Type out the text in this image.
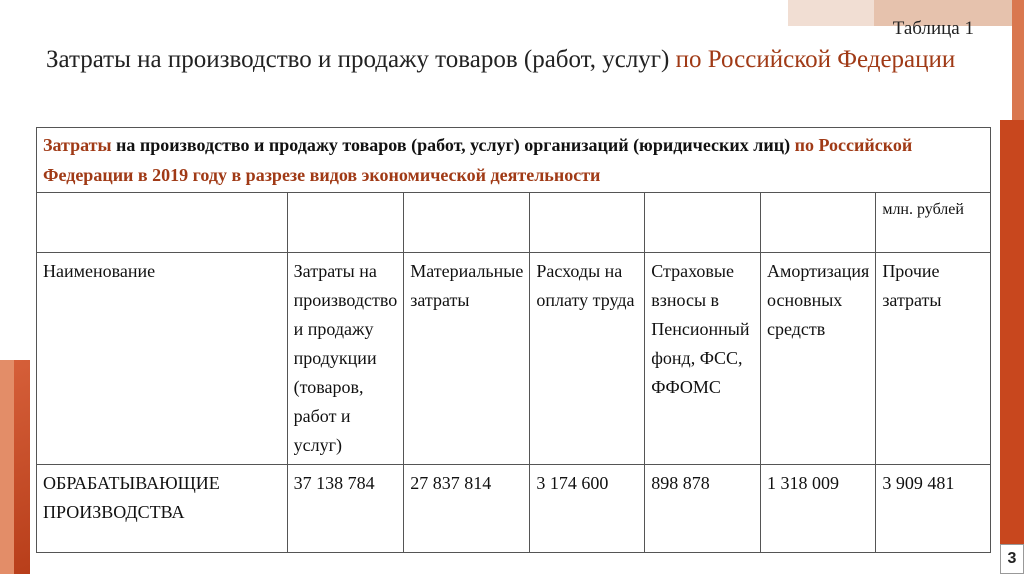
Таблица 1
Затраты на производство и продажу товаров (работ, услуг) по Российской Федерации
Затраты на производство и продажу товаров (работ, услуг) организаций (юридических лиц) по Российской Федерации в 2019 году в разрезе видов экономической деятельности						
						млн. рублей
Наименование	Затраты на производство и продажу продукции (товаров, работ и услуг)	Материальные затраты	Расходы на оплату труда	Страховые взносы в Пенсионный фонд, ФСС, ФФОМС	Амортизация основных средств	Прочие затраты
ОБРАБАТЫВАЮЩИЕ ПРОИЗВОДСТВА	37 138 784	27 837 814	3 174 600	898 878	1 318 009	3 909 481
3
